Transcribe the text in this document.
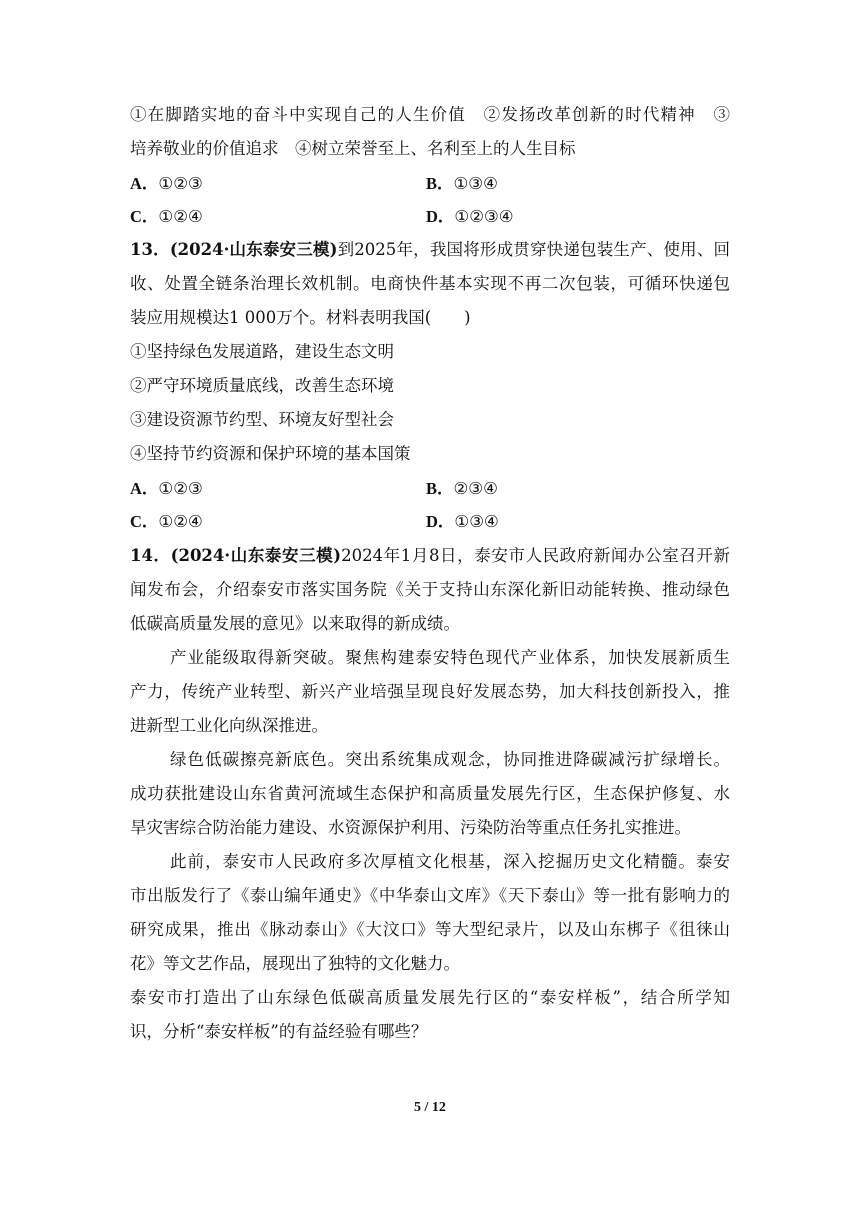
①在脚踏实地的奋斗中实现自己的人生价值　②发扬改革创新的时代精神　③
培养敬业的价值追求　④树立荣誉至上、名利至上的人生目标
A．①②③	B．①③④
C．①②④	D．①②③④
13．(2024·山东泰安三模)到2025年，我国将形成贯穿快递包装生产、使用、回
收、处置全链条治理长效机制。电商快件基本实现不再二次包装，可循环快递包
装应用规模达1 000万个。材料表明我国(　　)
①坚持绿色发展道路，建设生态文明
②严守环境质量底线，改善生态环境
③建设资源节约型、环境友好型社会
④坚持节约资源和保护环境的基本国策
A．①②③	B．②③④
C．①②④	D．①③④
14．(2024·山东泰安三模)2024年1月8日，泰安市人民政府新闻办公室召开新
闻发布会，介绍泰安市落实国务院《关于支持山东深化新旧动能转换、推动绿色
低碳高质量发展的意见》以来取得的新成绩。
产业能级取得新突破。聚焦构建泰安特色现代产业体系，加快发展新质生
产力，传统产业转型、新兴产业培强呈现良好发展态势，加大科技创新投入，推
进新型工业化向纵深推进。
绿色低碳擦亮新底色。突出系统集成观念，协同推进降碳减污扩绿增长。
成功获批建设山东省黄河流域生态保护和高质量发展先行区，生态保护修复、水
旱灾害综合防治能力建设、水资源保护利用、污染防治等重点任务扎实推进。
此前，泰安市人民政府多次厚植文化根基，深入挖掘历史文化精髓。泰安
市出版发行了《泰山编年通史》《中华泰山文库》《天下泰山》等一批有影响力的
研究成果，推出《脉动泰山》《大汶口》等大型纪录片，以及山东梆子《徂徕山
花》等文艺作品，展现出了独特的文化魅力。
泰安市打造出了山东绿色低碳高质量发展先行区的“泰安样板”，结合所学知
识，分析“泰安样板”的有益经验有哪些？
5 / 12
